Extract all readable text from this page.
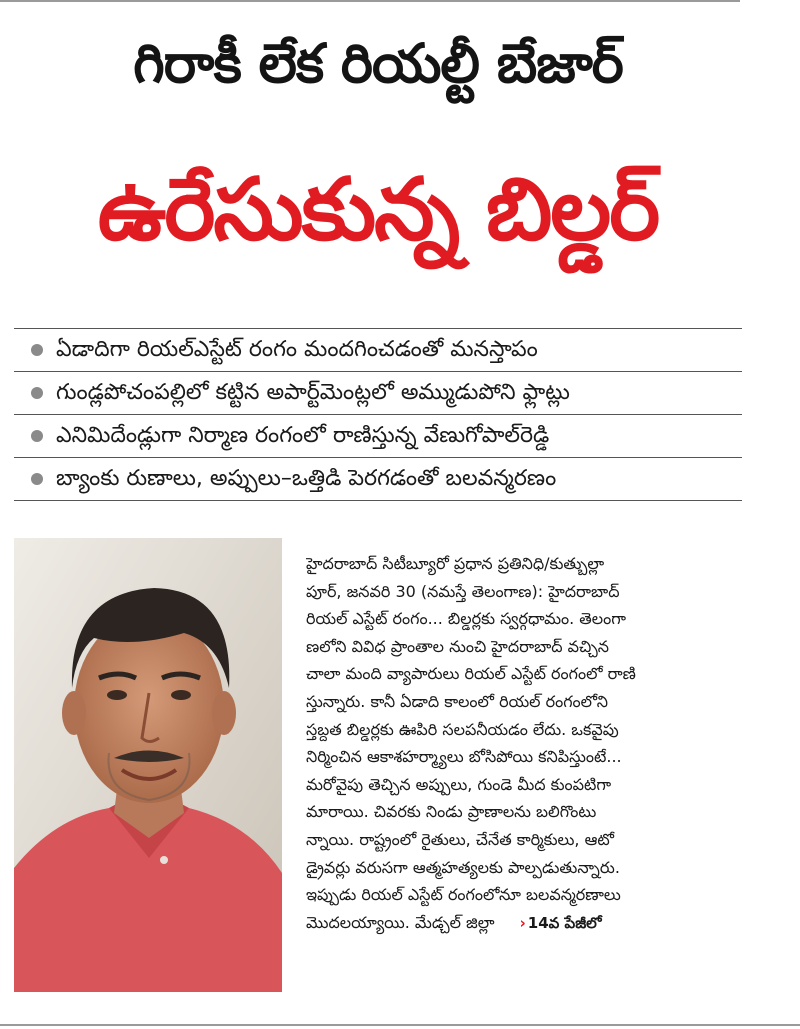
గిరాకీ లేక రియల్టీ బేజార్
ఉరేసుకున్న బిల్డర్
ఏడాదిగా రియల్‌ఎస్టేట్ రంగం మందగించడంతో మనస్తాపం
గుండ్లపోచంపల్లిలో కట్టిన అపార్ట్‌మెంట్లలో అమ్ముడుపోని ఫ్లాట్లు
ఎనిమిదేండ్లుగా నిర్మాణ రంగంలో రాణిస్తున్న వేణుగోపాల్‌రెడ్డి
బ్యాంకు రుణాలు, అప్పులు–ఒత్తిడి పెరగడంతో బలవన్మరణం
హైదరాబాద్ సిటీబ్యూరో ప్రధాన ప్రతినిధి/కుత్బుల్లా
పూర్, జనవరి 30 (నమస్తే తెలంగాణ): హైదరాబాద్
రియల్ ఎస్టేట్ రంగం... బిల్డర్లకు స్వర్గధామం. తెలంగా
ణలోని వివిధ ప్రాంతాల నుంచి హైదరాబాద్ వచ్చిన
చాలా మంది వ్యాపారులు రియల్ ఎస్టేట్ రంగంలో రాణి
స్తున్నారు. కానీ ఏడాది కాలంలో రియల్ రంగంలోని
స్తబ్దత బిల్డర్లకు ఊపిరి సలపనీయడం లేదు. ఒకవైపు
నిర్మించిన ఆకాశహర్మ్యాలు బోసిపోయి కనిపిస్తుంటే...
మరోవైపు తెచ్చిన అప్పులు, గుండె మీద కుంపటిగా
మారాయి. చివరకు నిండు ప్రాణాలను బలిగొంటు
న్నాయి. రాష్ట్రంలో రైతులు, చేనేత కార్మికులు, ఆటో
డ్రైవర్లు వరుసగా ఆత్మహత్యలకు పాల్పడుతున్నారు.
ఇప్పుడు రియల్ ఎస్టేట్ రంగంలోనూ బలవన్మరణాలు
మొదలయ్యాయి. మేడ్చల్ జిల్లా › 14వ పేజీలో
